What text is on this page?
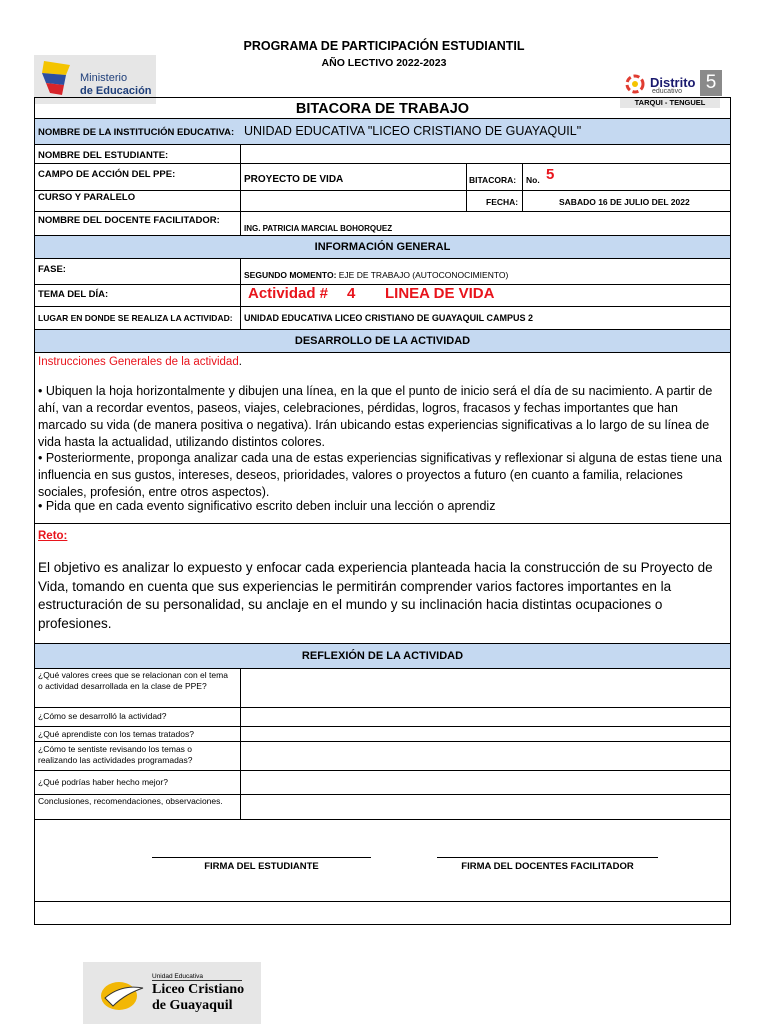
PROGRAMA DE PARTICIPACIÓN ESTUDIANTIL
AÑO LECTIVO 2022-2023
Ministerio
de Educación
Distrito
educativo	5
TARQUI - TENGUEL
BITACORA DE TRABAJO
NOMBRE DE LA INSTITUCIÓN EDUCATIVA: UNIDAD EDUCATIVA "LICEO CRISTIANO DE GUAYAQUIL"
NOMBRE DEL ESTUDIANTE:
CAMPO DE ACCIÓN DEL PPE:	PROYECTO DE VIDA	BITACORA: No. 5
CURSO Y PARALELO	FECHA:	SABADO 16 DE JULIO DEL 2022
NOMBRE DEL DOCENTE FACILITADOR:
ING. PATRICIA MARCIAL BOHORQUEZ
INFORMACIÓN GENERAL
FASE:	SEGUNDO MOMENTO: EJE DE TRABAJO (AUTOCONOCIMIENTO)
TEMA DEL DÍA:	Actividad # 4 LINEA DE VIDA
LUGAR EN DONDE SE REALIZA LA ACTIVIDAD: UNIDAD EDUCATIVA LICEO CRISTIANO DE GUAYAQUIL CAMPUS 2
DESARROLLO DE LA ACTIVIDAD
Instrucciones Generales de la actividad.
• Ubiquen la hoja horizontalmente y dibujen una línea, en la que el punto de inicio será el día de su nacimiento. A partir de ahí, van a recordar eventos, paseos, viajes, celebraciones, pérdidas, logros, fracasos y fechas importantes que han marcado su vida (de manera positiva o negativa). Irán ubicando estas experiencias significativas a lo largo de su línea de vida hasta la actualidad, utilizando distintos colores.
• Posteriormente, proponga analizar cada una de estas experiencias significativas y reflexionar si alguna de estas tiene una influencia en sus gustos, intereses, deseos, prioridades, valores o proyectos a futuro (en cuanto a familia, relaciones sociales, profesión, entre otros aspectos).
• Pida que en cada evento significativo escrito deben incluir una lección o aprendiz
Reto:
El objetivo es analizar lo expuesto y enfocar cada experiencia planteada hacia la construcción de su Proyecto de Vida, tomando en cuenta que sus experiencias le permitirán comprender varios factores importantes en la estructuración de su personalidad, su anclaje en el mundo y su inclinación hacia distintas ocupaciones o profesiones.
REFLEXIÓN DE LA ACTIVIDAD
¿Qué valores crees que se relacionan con el tema o actividad desarrollada en la clase de PPE?
¿Cómo se desarrolló la actividad?
¿Qué aprendiste con los temas tratados?
¿Cómo te sentiste revisando los temas o realizando las actividades programadas?
¿Qué podrías haber hecho mejor?
Conclusiones, recomendaciones, observaciones.
FIRMA DEL ESTUDIANTE	FIRMA DEL DOCENTES FACILITADOR
Unidad Educativa
Liceo Cristiano
de Guayaquil
